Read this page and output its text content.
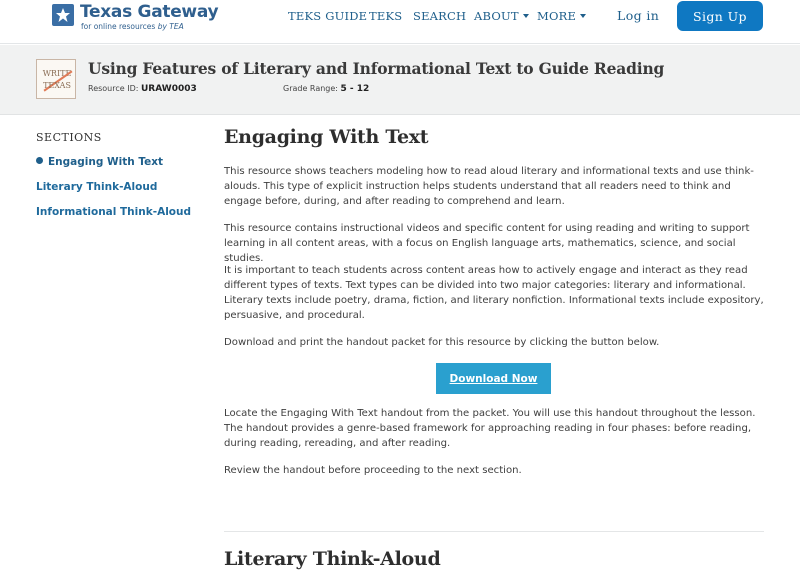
Texas Gateway
for online resources by TEA
TEKS GUIDE TEKS SEARCH ABOUT	MORE	Log in	Sign Up
WRITE
TEXAS
Using Features of Literary and Informational Text to Guide Reading
Resource ID: URAW0003	Grade Range: 5 - 12
SECTIONS
Engaging With Text
Literary Think-Aloud
Informational Think-Aloud
Engaging With Text

This resource shows teachers modeling how to read aloud literary and informational texts and use think-alouds. This type of explicit instruction helps students understand that all readers need to think and engage before, during, and after reading to comprehend and learn.

This resource contains instructional videos and specific content for using reading and writing to support learning in all content areas, with a focus on English language arts, mathematics, science, and social studies.

It is important to teach students across content areas how to actively engage and interact as they read different types of texts. Text types can be divided into two major categories: literary and informational. Literary texts include poetry, drama, fiction, and literary nonfiction. Informational texts include expository, persuasive, and procedural.

Download and print the handout packet for this resource by clicking the button below.

Download Now

Locate the Engaging With Text handout from the packet. You will use this handout throughout the lesson. The handout provides a genre-based framework for approaching reading in four phases: before reading, during reading, rereading, and after reading.

Review the handout before proceeding to the next section.

Literary Think-Aloud
